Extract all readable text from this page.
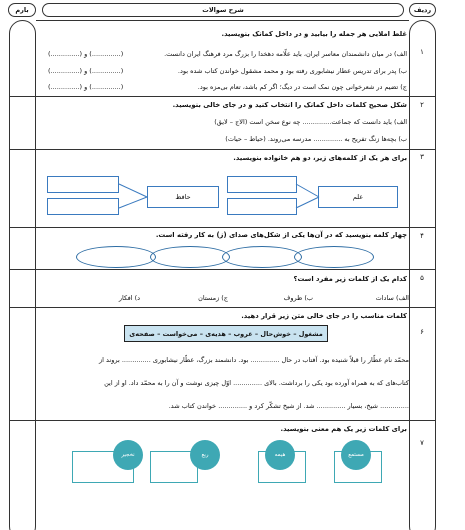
ردیف
شرح سوالات
بارم
۱
غلط املایی هر جمله را بیابید و در داخل کمانک بنویسید.
الف) در میان دانشمندان معاسر ایران، باید علّامه دهخدا را بزرگ مرد فرهنگ ایران دانست.
ب) پدر برای تدریس عطار نیشابوری رفته بود و محمد مشقول خواندن کتاب شده بود.
ج) تضیم در شعرخوانی چون نمک است در دیگ؛ اگر کم باشد، تعام بی‌مزه بود.
(..............) و (..............)
(..............) و (..............)
(..............) و (..............)
۲
شکل صحیح کلمات داخل کمانک را انتخاب کنید و در جای خالی بنویسید.
الف) باید دانست که جماعت.............. چه نوع سخن است (الاج – لایق)
ب) بچه‌ها زنگ تفریح به .............. مدرسه می‌روند. (حیاط – حیات)
۳
برای هر یک از کلمه‌های زیر، دو هم خانواده بنویسید.
علم
حافظ
۴
چهار کلمه بنویسید که در آن‌ها یکی از شکل‌های صدای (ز) به کار رفته است.
۵
کدام یک از کلمات زیر مفرد است؟
الف) سادات
ب) ظروف
ج) زمستان
د) افکار
۶
کلمات مناسب را در جای خالی متن زیر قرار دهید.
مشغول – خوش‌حال – غروب – هدیه‌ی – می‌خواست – صفحه‌ی
محمّد نام عطّار را قبلاً شنیده بود. آفتاب در حال .............. بود. دانشمند بزرگ، عطّار نیشابوری .............. بروند از
کتاب‌های که به همراه آورده بود یکی را برداشت. بالای .............. اوّل چیزی نوشت و آن را به محمّد داد. او از این
.............. شیخ، بسیار .............. شد. از شیخ تشکّر کرد و .............. خواندن کتاب شد.
۷
برای کلمات زیر یک هم معنی بنویسید.
مستمع
هیمه
ربع
نخجیر
